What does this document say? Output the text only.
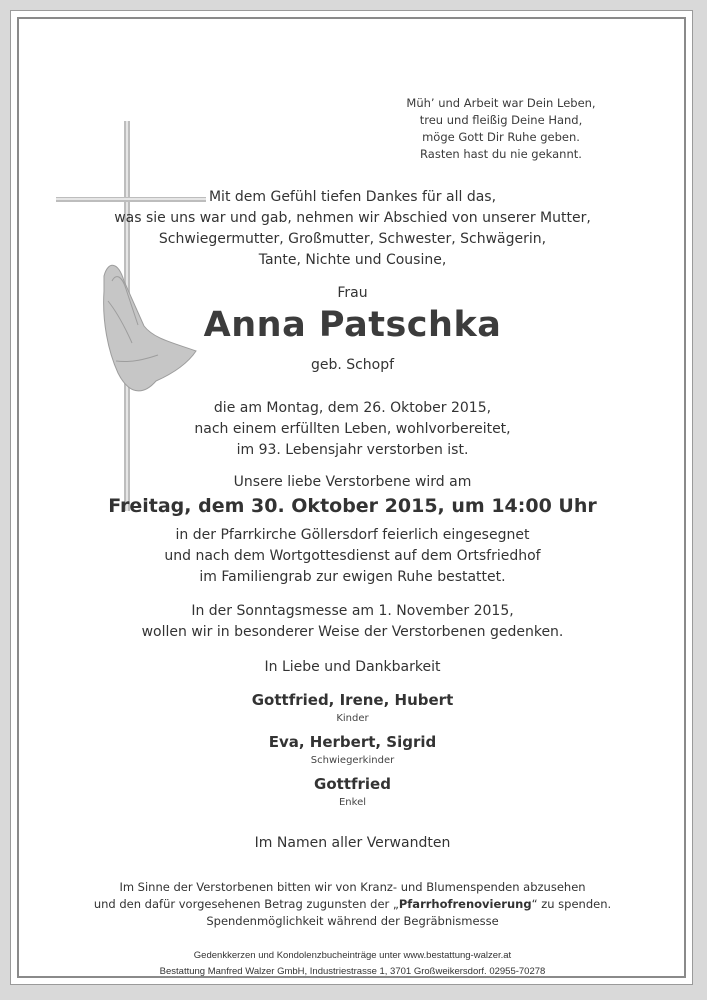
Müh’ und Arbeit war Dein Leben,
treu und fleißig Deine Hand,
möge Gott Dir Ruhe geben.
Rasten hast du nie gekannt.
Mit dem Gefühl tiefen Dankes für all das,
was sie uns war und gab, nehmen wir Abschied von unserer Mutter,
Schwiegermutter, Großmutter, Schwester, Schwägerin,
Tante, Nichte und Cousine,
Frau
Anna Patschka
geb. Schopf
die am Montag, dem 26. Oktober 2015,
nach einem erfüllten Leben, wohlvorbereitet,
im 93. Lebensjahr verstorben ist.
Unsere liebe Verstorbene wird am
Freitag, dem 30. Oktober 2015, um 14:00 Uhr
in der Pfarrkirche Göllersdorf feierlich eingesegnet
und nach dem Wortgottesdienst auf dem Ortsfriedhof
im Familiengrab zur ewigen Ruhe bestattet.
In der Sonntagsmesse am 1. November 2015,
wollen wir in besonderer Weise der Verstorbenen gedenken.
In Liebe und Dankbarkeit
Gottfried, Irene, Hubert
Kinder
Eva, Herbert, Sigrid
Schwiegerkinder
Gottfried
Enkel
Im Namen aller Verwandten
Im Sinne der Verstorbenen bitten wir von Kranz- und Blumenspenden abzusehen
und den dafür vorgesehenen Betrag zugunsten der „Pfarrhofrenovierung“ zu spenden.
Spendenmöglichkeit während der Begräbnismesse
Gedenkkerzen und Kondolenzbucheinträge unter www.bestattung-walzer.at
Bestattung Manfred Walzer GmbH, Industriestrasse 1, 3701 Großweikersdorf. 02955-70278
